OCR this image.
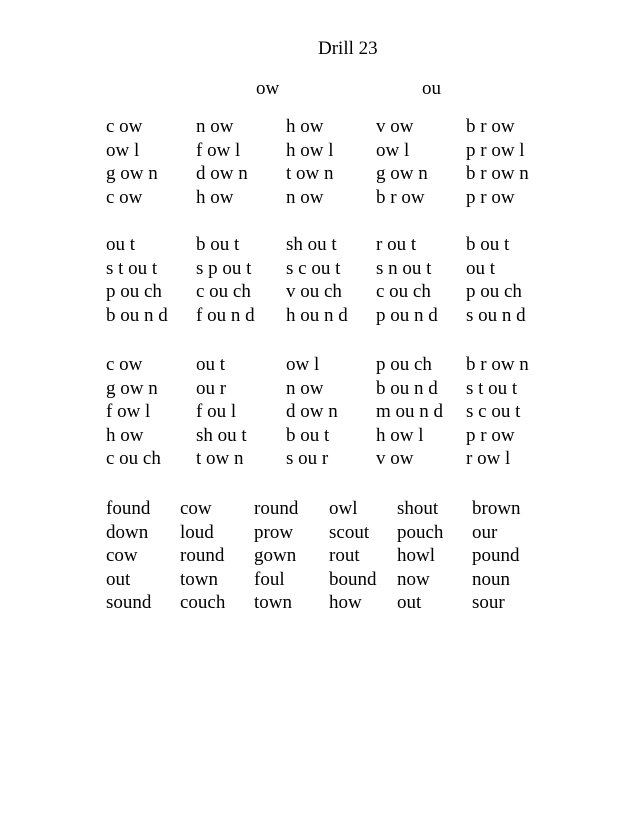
Drill 23
ow	ou
c ow	n ow	h ow	v ow	b r ow
ow l	f ow l	h ow l	ow l	p r ow l
g ow n	d ow n	t ow n	g ow n	b r ow n
c ow	h ow	n ow	b r ow	p r ow
ou t	b ou t	sh ou t	r ou t	b ou t
s t ou t	s p ou t	s c ou t	s n ou t	ou t
p ou ch	c ou ch	v ou ch	c ou ch	p ou ch
b ou n d	f ou n d	h ou n d	p ou n d	s ou n d
c ow	ou t	ow l	p ou ch	b r ow n
g ow n	ou r	n ow	b ou n d	s t ou t
f ow l	f ou l	d ow n	m ou n d	s c ou t
h ow	sh ou t	b ou t	h ow l	p r ow
c ou ch	t ow n	s ou r	v ow	r ow l
found	cow	round	owl	shout	brown
down	loud	prow	scout	pouch	our
cow	round	gown	rout	howl	pound
out	town	foul	bound	now	noun
sound	couch	town	how	out	sour
